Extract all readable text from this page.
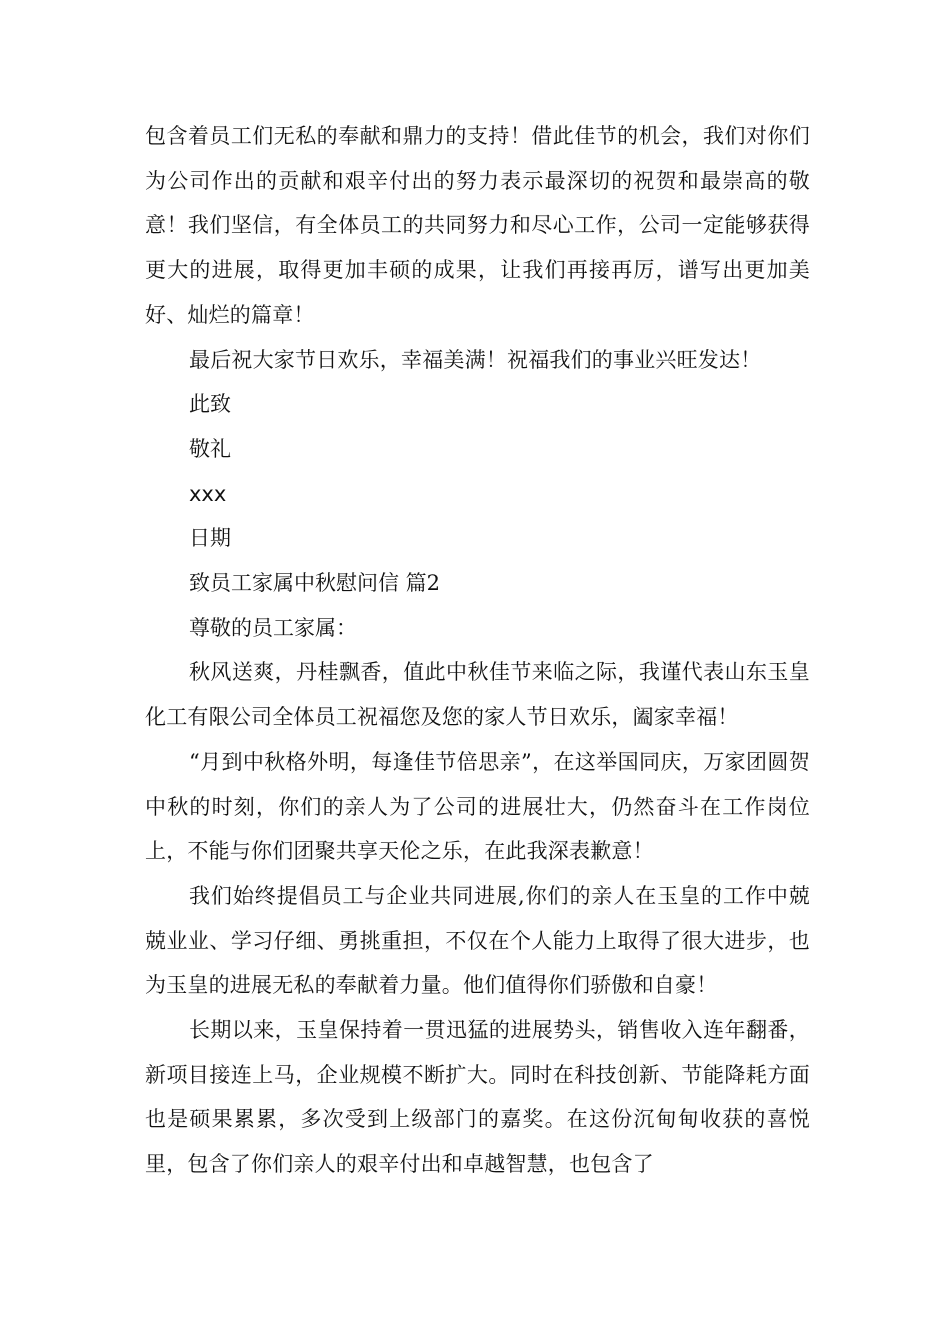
包含着员工们无私的奉献和鼎力的支持！借此佳节的机会，我们对你们为公司作出的贡献和艰辛付出的努力表示最深切的祝贺和最崇高的敬意！我们坚信，有全体员工的共同努力和尽心工作，公司一定能够获得更大的进展，取得更加丰硕的成果，让我们再接再厉，谱写出更加美好、灿烂的篇章！

最后祝大家节日欢乐，幸福美满！祝福我们的事业兴旺发达！

此致

敬礼

xxx

日期

致员工家属中秋慰问信 篇2

尊敬的员工家属：

秋风送爽，丹桂飘香，值此中秋佳节来临之际，我谨代表山东玉皇化工有限公司全体员工祝福您及您的家人节日欢乐，阖家幸福！

“月到中秋格外明，每逢佳节倍思亲”，在这举国同庆，万家团圆贺中秋的时刻，你们的亲人为了公司的进展壮大，仍然奋斗在工作岗位上，不能与你们团聚共享天伦之乐，在此我深表歉意！

我们始终提倡员工与企业共同进展,你们的亲人在玉皇的工作中兢兢业业、学习仔细、勇挑重担，不仅在个人能力上取得了很大进步，也为玉皇的进展无私的奉献着力量。他们值得你们骄傲和自豪！

长期以来，玉皇保持着一贯迅猛的进展势头，销售收入连年翻番，新项目接连上马，企业规模不断扩大。同时在科技创新、节能降耗方面也是硕果累累，多次受到上级部门的嘉奖。在这份沉甸甸收获的喜悦里，包含了你们亲人的艰辛付出和卓越智慧，也包含了
